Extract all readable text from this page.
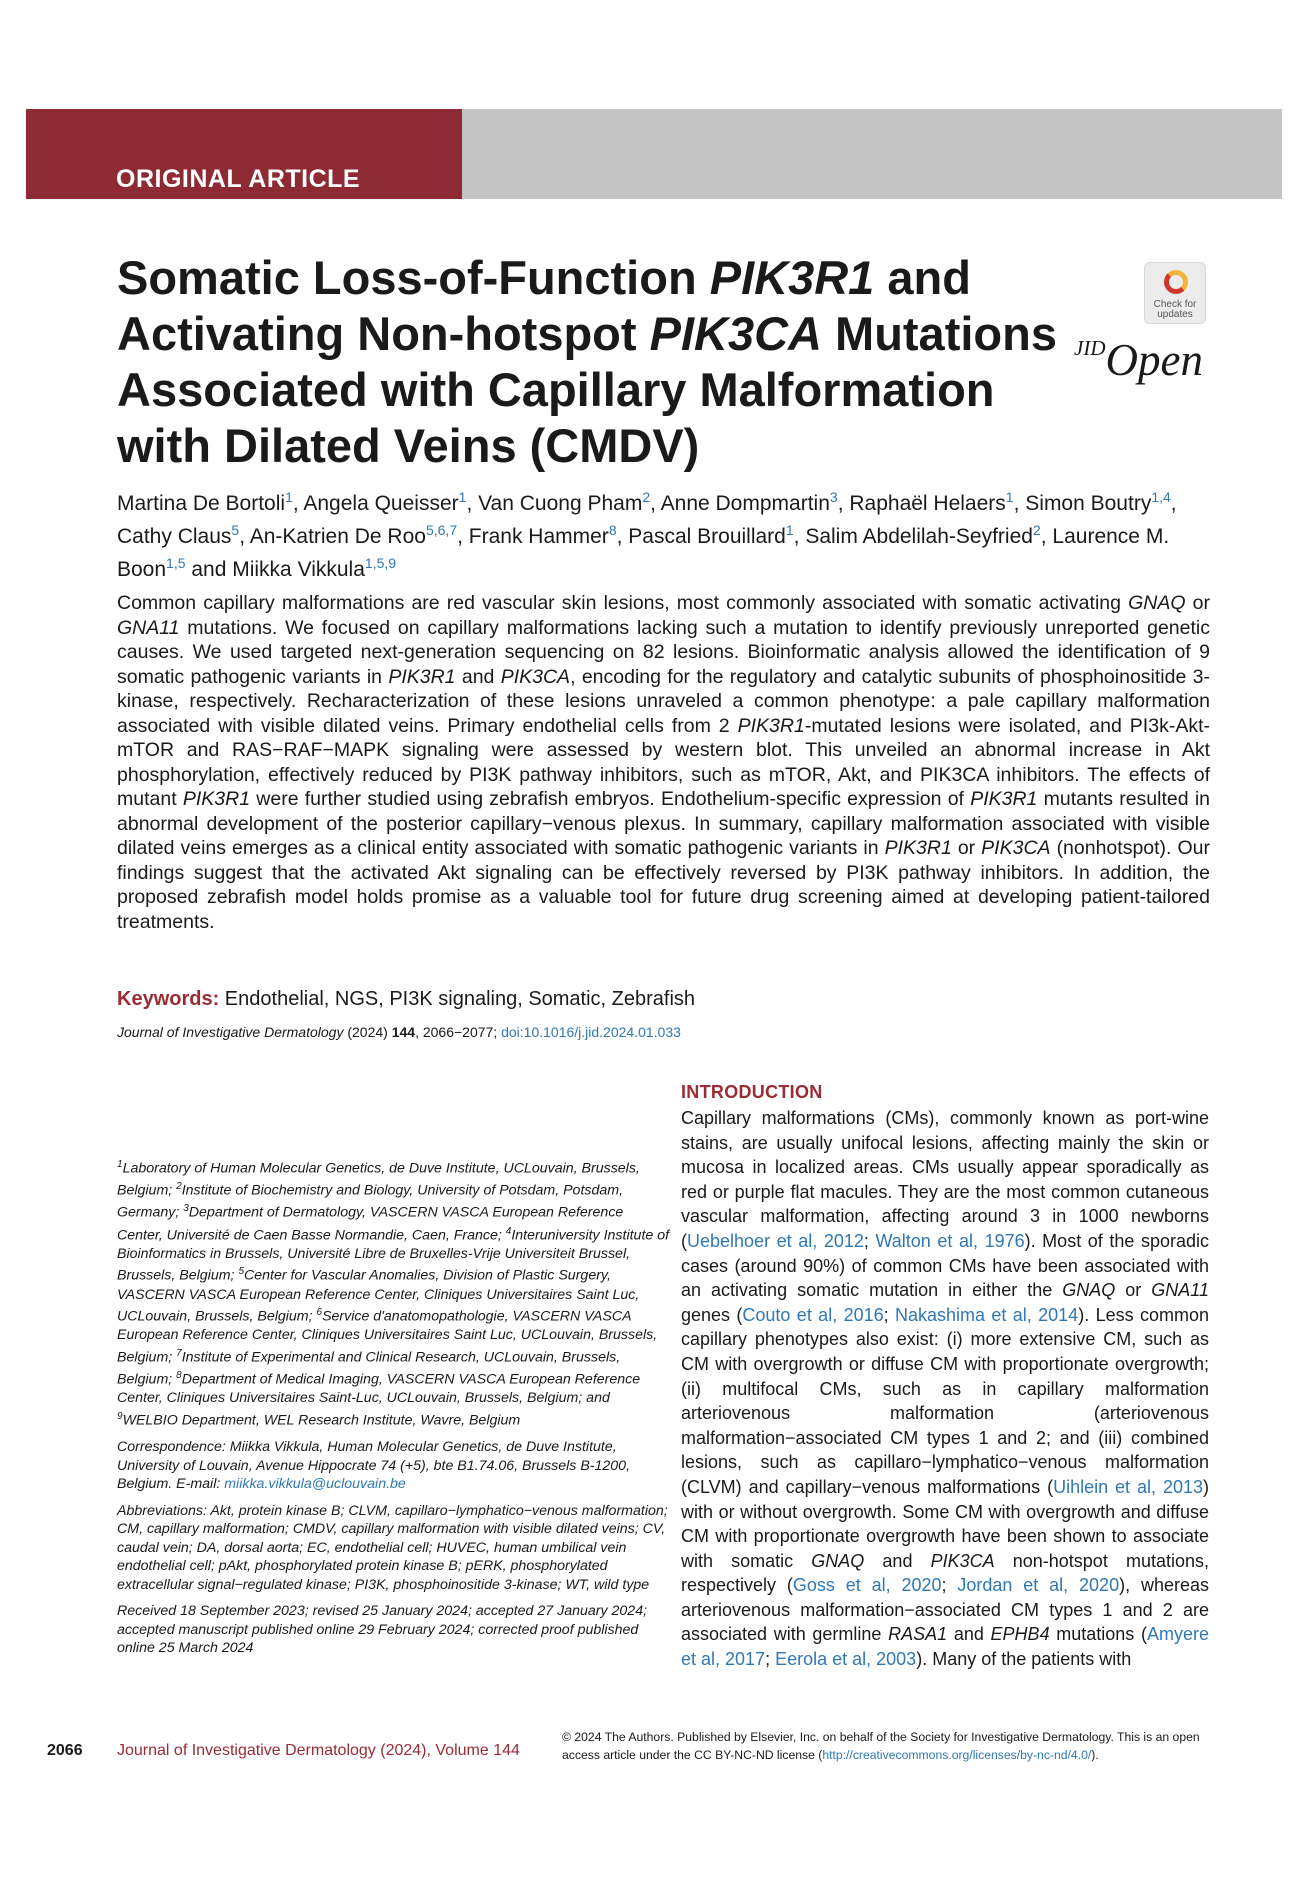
ORIGINAL ARTICLE
Somatic Loss-of-Function PIK3R1 and Activating Non-hotspot PIK3CA Mutations Associated with Capillary Malformation with Dilated Veins (CMDV)
Check for
updates
JIDOpen
Martina De Bortoli$^1$, Angela Queisser$^1$, Van Cuong Pham$^2$, Anne Dompmartin$^3$, Raphaël Helaers$^1$, Simon Boutry$^{1,4}$, Cathy Claus$^5$, An-Katrien De Roo$^{5,6,7}$, Frank Hammer$^8$, Pascal Brouillard$^1$, Salim Abdelilah-Seyfried$^2$, Laurence M. Boon$^{1,5}$ and Miikka Vikkula$^{1,5,9}$
Common capillary malformations are red vascular skin lesions, most commonly associated with somatic activating GNAQ or GNA11 mutations. We focused on capillary malformations lacking such a mutation to identify previously unreported genetic causes. We used targeted next-generation sequencing on 82 lesions. Bioinformatic analysis allowed the identification of 9 somatic pathogenic variants in PIK3R1 and PIK3CA, encoding for the regulatory and catalytic subunits of phosphoinositide 3-kinase, respectively. Recharacterization of these lesions unraveled a common phenotype: a pale capillary malformation associated with visible dilated veins. Primary endothelial cells from 2 PIK3R1-mutated lesions were isolated, and PI3k-Akt-mTOR and RAS−RAF−MAPK signaling were assessed by western blot. This unveiled an abnormal increase in Akt phosphorylation, effectively reduced by PI3K pathway inhibitors, such as mTOR, Akt, and PIK3CA inhibitors. The effects of mutant PIK3R1 were further studied using zebrafish embryos. Endothelium-specific expression of PIK3R1 mutants resulted in abnormal development of the posterior capillary−venous plexus. In summary, capillary malformation associated with visible dilated veins emerges as a clinical entity associated with somatic pathogenic variants in PIK3R1 or PIK3CA (nonhotspot). Our findings suggest that the activated Akt signaling can be effectively reversed by PI3K pathway inhibitors. In addition, the proposed zebrafish model holds promise as a valuable tool for future drug screening aimed at developing patient-tailored treatments.
Keywords: Endothelial, NGS, PI3K signaling, Somatic, Zebrafish
Journal of Investigative Dermatology (2024) 144, 2066−2077; doi:10.1016/j.jid.2024.01.033

$^1$Laboratory of Human Molecular Genetics, de Duve Institute, UCLouvain, Brussels, Belgium; $^2$Institute of Biochemistry and Biology, University of Potsdam, Potsdam, Germany; $^3$Department of Dermatology, VASCERN VASCA European Reference Center, Université de Caen Basse Normandie, Caen, France; $^4$Interuniversity Institute of Bioinformatics in Brussels, Université Libre de Bruxelles-Vrije Universiteit Brussel, Brussels, Belgium; $^5$Center for Vascular Anomalies, Division of Plastic Surgery, VASCERN VASCA European Reference Center, Cliniques Universitaires Saint Luc, UCLouvain, Brussels, Belgium; $^6$Service d'anatomopathologie, VASCERN VASCA European Reference Center, Cliniques Universitaires Saint Luc, UCLouvain, Brussels, Belgium; $^7$Institute of Experimental and Clinical Research, UCLouvain, Brussels, Belgium; $^8$Department of Medical Imaging, VASCERN VASCA European Reference Center, Cliniques Universitaires Saint-Luc, UCLouvain, Brussels, Belgium; and $^9$WELBIO Department, WEL Research Institute, Wavre, Belgium

Correspondence: Miikka Vikkula, Human Molecular Genetics, de Duve Institute, University of Louvain, Avenue Hippocrate 74 (+5), bte B1.74.06, Brussels B-1200, Belgium. E-mail: miikka.vikkula@uclouvain.be

Abbreviations: Akt, protein kinase B; CLVM, capillaro−lymphatico−venous malformation; CM, capillary malformation; CMDV, capillary malformation with visible dilated veins; CV, caudal vein; DA, dorsal aorta; EC, endothelial cell; HUVEC, human umbilical vein endothelial cell; pAkt, phosphorylated protein kinase B; pERK, phosphorylated extracellular signal−regulated kinase; PI3K, phosphoinositide 3-kinase; WT, wild type

Received 18 September 2023; revised 25 January 2024; accepted 27 January 2024; accepted manuscript published online 29 February 2024; corrected proof published online 25 March 2024

INTRODUCTION
Capillary malformations (CMs), commonly known as port-wine stains, are usually unifocal lesions, affecting mainly the skin or mucosa in localized areas. CMs usually appear sporadically as red or purple flat macules. They are the most common cutaneous vascular malformation, affecting around 3 in 1000 newborns (Uebelhoer et al, 2012; Walton et al, 1976). Most of the sporadic cases (around 90%) of common CMs have been associated with an activating somatic mutation in either the GNAQ or GNA11 genes (Couto et al, 2016; Nakashima et al, 2014). Less common capillary phenotypes also exist: (i) more extensive CM, such as CM with overgrowth or diffuse CM with proportionate overgrowth; (ii) multifocal CMs, such as in capillary malformation arteriovenous malformation (arteriovenous malformation−associated CM types 1 and 2; and (iii) combined lesions, such as capillaro−lymphatico−venous malformation (CLVM) and capillary−venous malformations (Uihlein et al, 2013) with or without overgrowth. Some CM with overgrowth and diffuse CM with proportionate overgrowth have been shown to associate with somatic GNAQ and PIK3CA non-hotspot mutations, respectively (Goss et al, 2020; Jordan et al, 2020), whereas arteriovenous malformation−associated CM types 1 and 2 are associated with germline RASA1 and EPHB4 mutations (Amyere et al, 2017; Eerola et al, 2003). Many of the patients with
© 2024 The Authors. Published by Elsevier, Inc. on behalf of the Society for Investigative Dermatology. This is an open access article under the CC BY-NC-ND license (http://creativecommons.org/licenses/by-nc-nd/4.0/).
2066 Journal of Investigative Dermatology (2024), Volume 144
